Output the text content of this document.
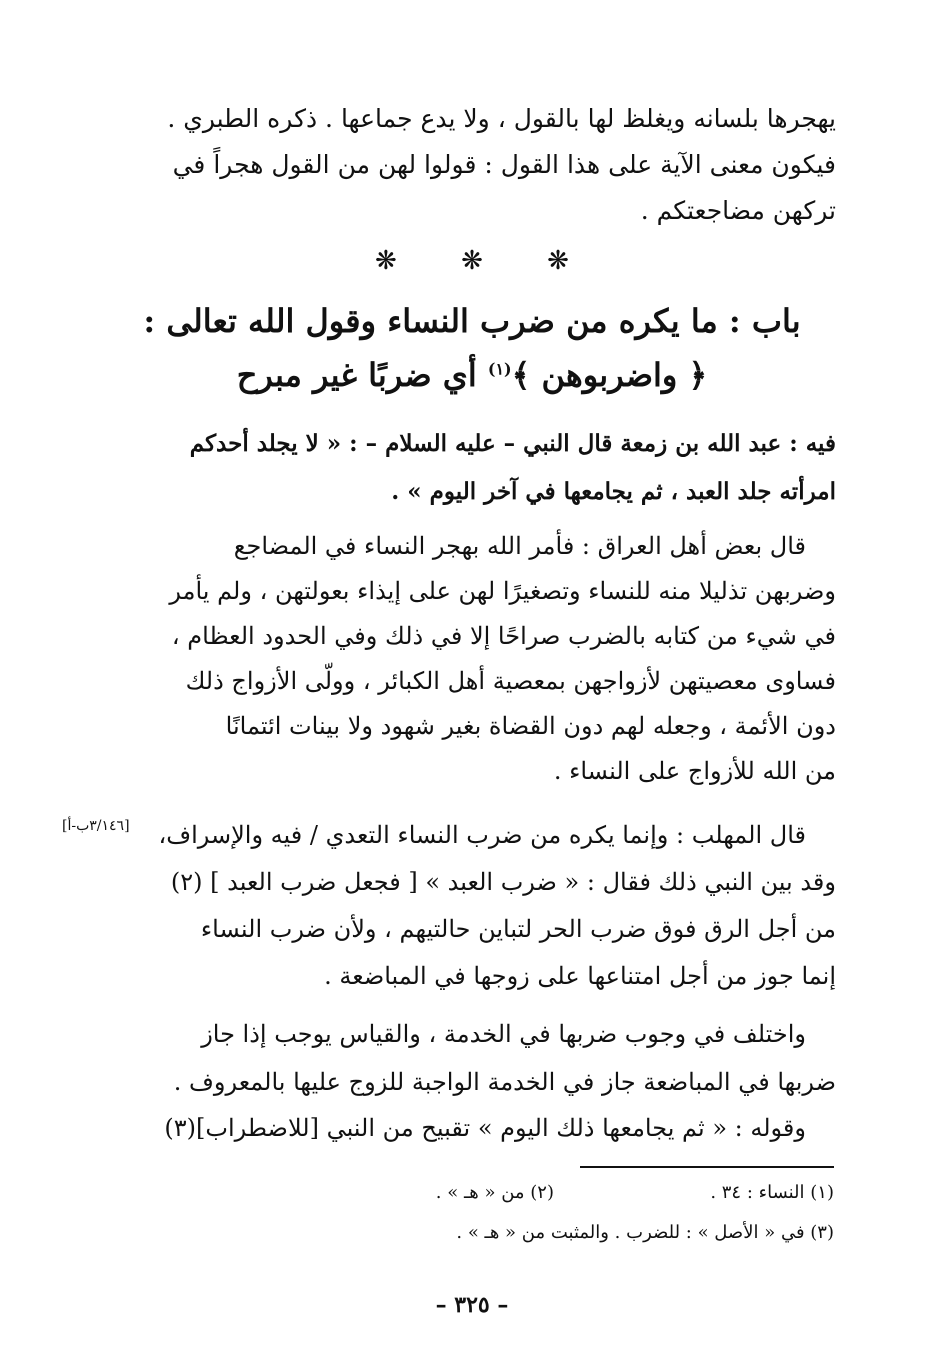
يهجرها بلسانه ويغلظ لها بالقول ، ولا يدع جماعها . ذكره الطبري .
فيكون معنى الآية على هذا القول : قولوا لهن من القول هجراً في
تركهن مضاجعتكم .
❋ ❋ ❋
باب : ما يكره من ضرب النساء وقول الله تعالى :
﴿ واضربوهن ﴾$^{(١)}$ أي ضربًا غير مبرح
فيه : عبد الله بن زمعة قال النبي – عليه السلام – : « لا يجلد أحدكم
امرأته جلد العبد ، ثم يجامعها في آخر اليوم » .
قال بعض أهل العراق : فأمر الله بهجر النساء في المضاجع
وضربهن تذليلا منه للنساء وتصغيرًا لهن على إيذاء بعولتهن ، ولم يأمر
في شيء من كتابه بالضرب صراحًا إلا في ذلك وفي الحدود العظام ،
فساوى معصيتهن لأزواجهن بمعصية أهل الكبائر ، وولّى الأزواج ذلك
دون الأئمة ، وجعله لهم دون القضاة بغير شهود ولا بينات ائتمانًا
من الله للأزواج على النساء .
[٣/١٤٦ب-أ]	قال المهلب : وإنما يكره من ضرب النساء التعدي / فيه والإسراف،
وقد بين النبي ذلك فقال : « ضرب العبد » [ فجعل ضرب العبد ] (٢)
من أجل الرق فوق ضرب الحر لتباين حالتيهم ، ولأن ضرب النساء
إنما جوز من أجل امتناعها على زوجها في المباضعة .
واختلف في وجوب ضربها في الخدمة ، والقياس يوجب إذا جاز
ضربها في المباضعة جاز في الخدمة الواجبة للزوج عليها بالمعروف .
وقوله : « ثم يجامعها ذلك اليوم » تقبيح من النبي [للاضطراب](٣)
(١) النساء : ٣٤ .
(٢) من « هـ » .
(٣) في « الأصل » : للضرب . والمثبت من « هـ » .
– ٣٢٥ –
